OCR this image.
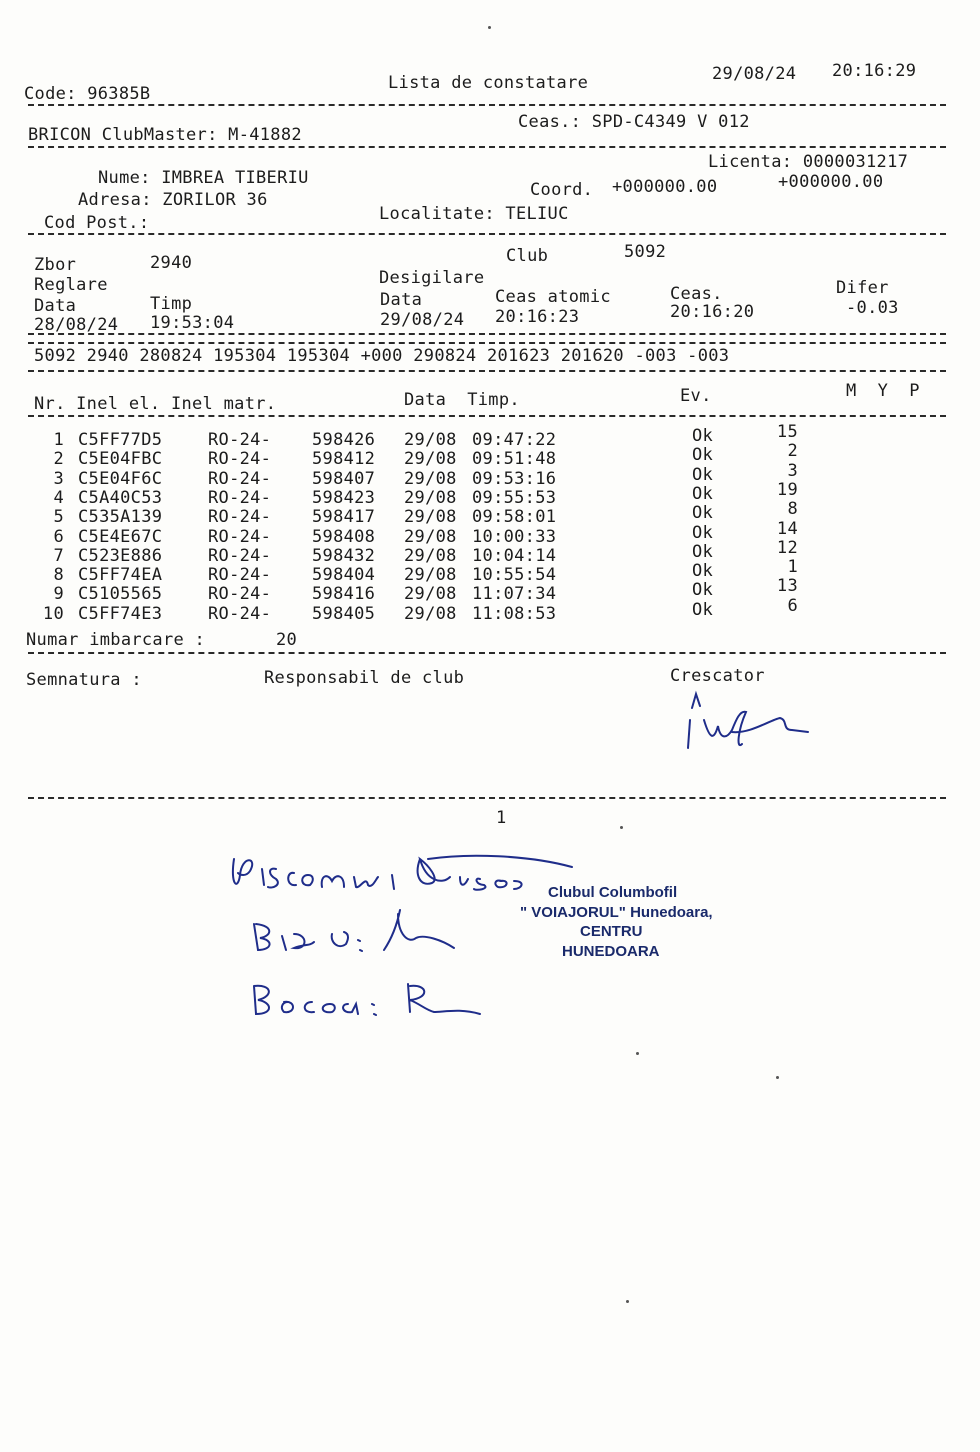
Code: 96385B
Lista de constatare	29/08/24 20:16:29
BRICON ClubMaster: M-41882
Ceas.: SPD-C4349 V 012
Licenta: 0000031217
Nume: IMBREA TIBERIU
Coord. +000000.00	+000000.00
Adresa: ZORILOR 36
Cod Post.:	Localitate: TELIUC
Zbor	2940	Club	5092
Reglare	Desigilare
Data	Timp	Data	Ceas atomic	Ceas.	Difer
28/08/24 19:53:04	29/08/24 20:16:23	20:16:20	-0.03
5092 2940 280824 195304 195304 +000 290824 201623 201620 -003 -003
Nr. Inel el. Inel matr.	Data  Timp.	Ev.	M  Y  P
1 C5FF77D5	RO-24- 598426 29/08 09:47:22	Ok	15
2 C5E04FBC	RO-24- 598412 29/08 09:51:48	Ok	2
3 C5E04F6C	RO-24- 598407 29/08 09:53:16	Ok	3
4 C5A40C53	RO-24- 598423 29/08 09:55:53	Ok	19
5 C535A139	RO-24- 598417 29/08 09:58:01	Ok	8
6 C5E4E67C	RO-24- 598408 29/08 10:00:33	Ok	14
7 C523E886	RO-24- 598432 29/08 10:04:14	Ok	12
8 C5FF74EA	RO-24- 598404 29/08 10:55:54	Ok	1
9 C5105565	RO-24- 598416 29/08 11:07:34	Ok	13
10 C5FF74E3	RO-24- 598405 29/08 11:08:53	Ok	6
Numar imbarcare :	20
Semnatura :	Responsabil de club	Crescator
1
Clubul Columbofil
" VOIAJORUL" Hunedoara,
CENTRU
HUNEDOARA
